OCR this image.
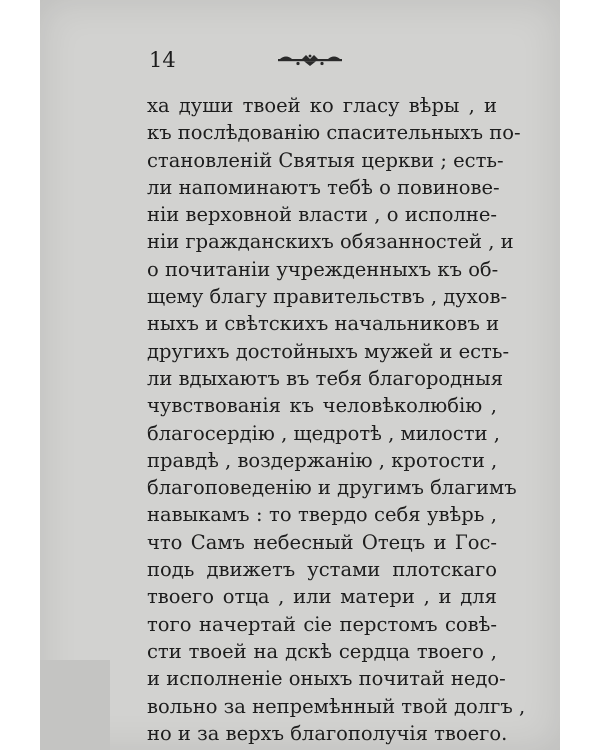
14
ха души твоей ко гласу вѣры , и
къ послѣдованію спасительныхъ по-
становленій Святыя церкви ; есть-
ли напоминаютъ тебѣ о повинове-
ніи верховной власти , о исполне-
ніи гражданскихъ обязанностей , и
о почитаніи учрежденныхъ къ об-
щему благу правительствъ , духов-
ныхъ и свѣтскихъ начальниковъ и
другихъ достойныхъ мужей и есть-
ли вдыхаютъ въ тебя благородныя
чувствованія къ человѣколюбію ,
благосердію , щедротѣ , милости ,
правдѣ , воздержанію , кротости ,
благоповеденію и другимъ благимъ
навыкамъ : то твердо себя увѣрь ,
что Самъ небесный Отецъ и Гос-
подь движетъ устами плотскаго
твоего отца , или матери , и для
того начертай сіе перстомъ совѣ-
сти твоей на дскѣ сердца твоего ,
и исполненіе оныхъ почитай недо-
вольно за непремѣнный твой долгъ ,
но и за верхъ благополучія твоего.
